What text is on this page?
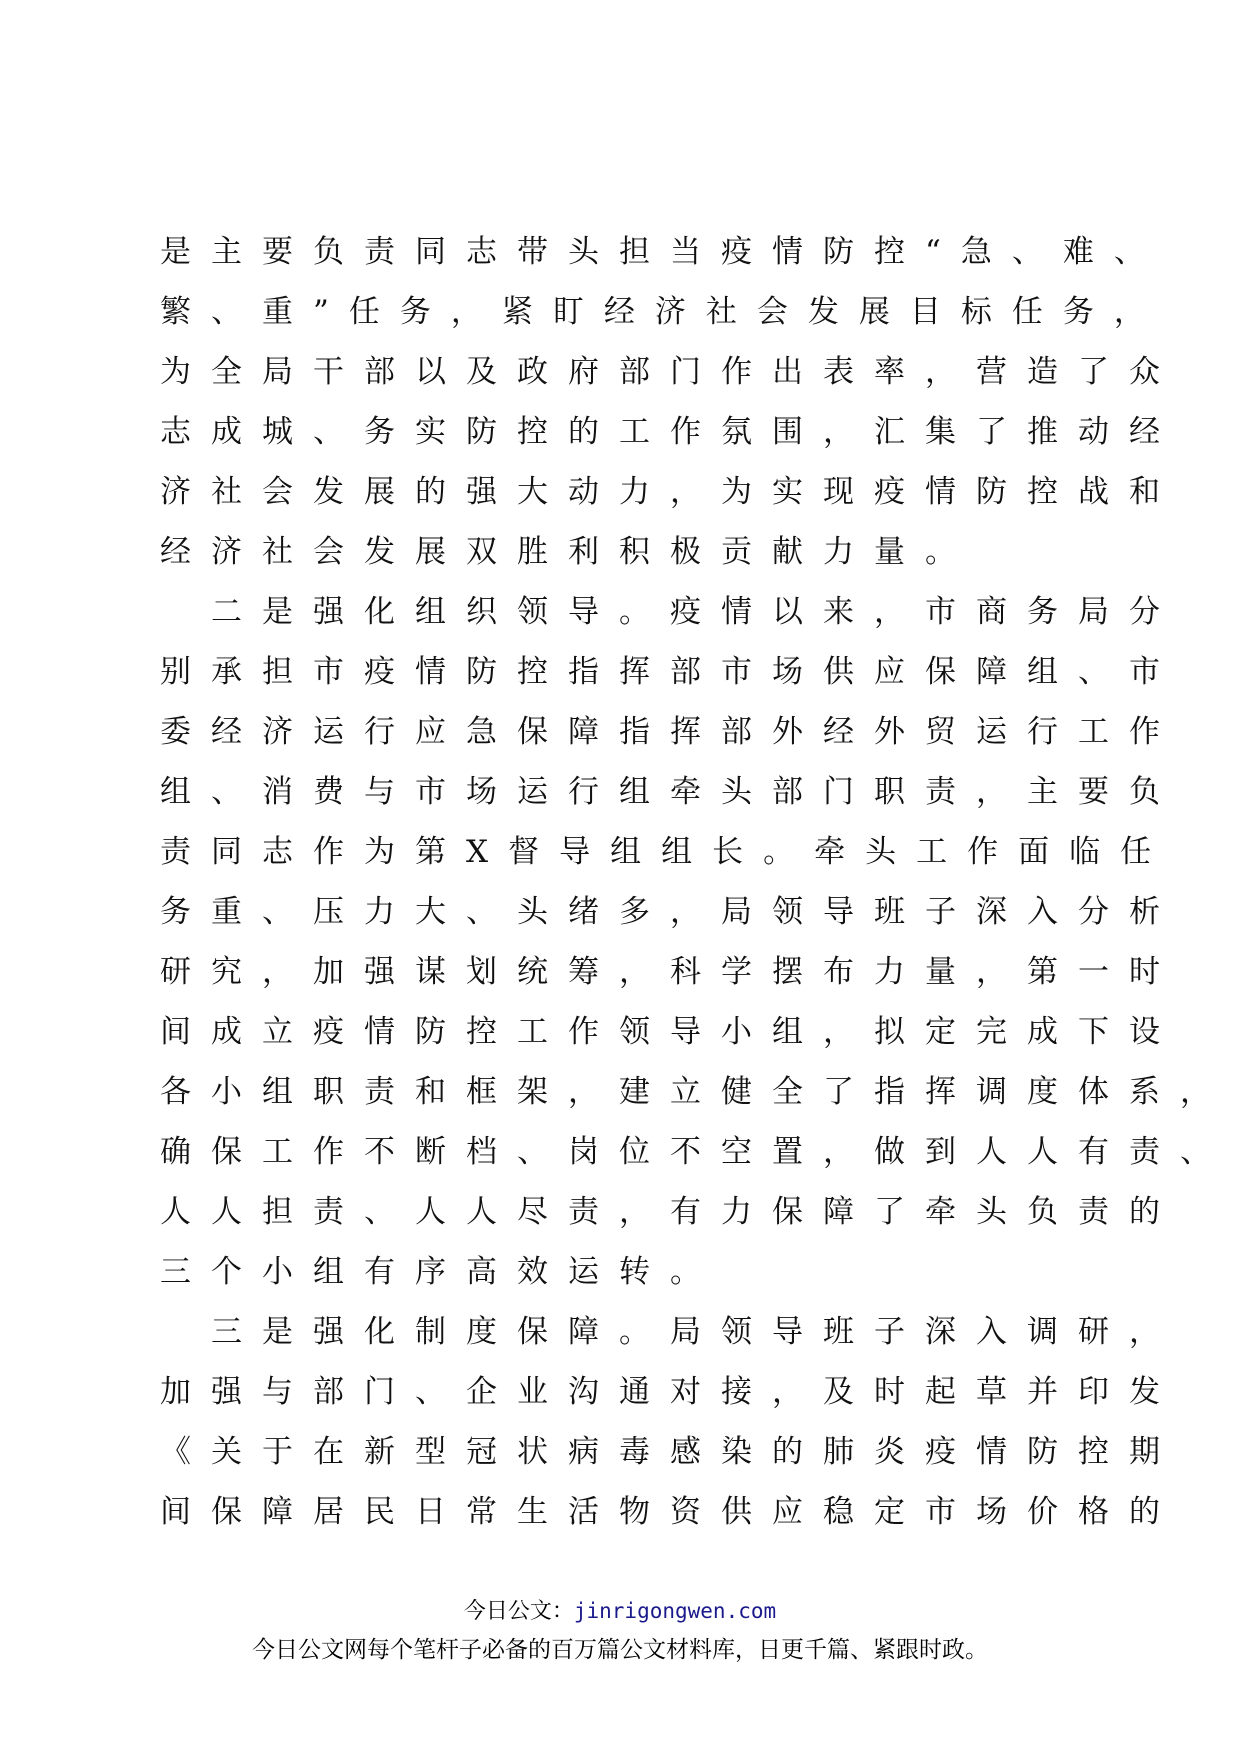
是主要负责同志带头担当疫情防控“急、难、
繁、重”任务，紧盯经济社会发展目标任务，
为全局干部以及政府部门作出表率，营造了众
志成城、务实防控的工作氛围，汇集了推动经
济社会发展的强大动力，为实现疫情防控战和
经济社会发展双胜利积极贡献力量。
　二是强化组织领导。疫情以来，市商务局分
别承担市疫情防控指挥部市场供应保障组、市
委经济运行应急保障指挥部外经外贸运行工作
组、消费与市场运行组牵头部门职责，主要负
责同志作为第X督导组组长。牵头工作面临任
务重、压力大、头绪多，局领导班子深入分析
研究，加强谋划统筹，科学摆布力量，第一时
间成立疫情防控工作领导小组，拟定完成下设
各小组职责和框架，建立健全了指挥调度体系，
确保工作不断档、岗位不空置，做到人人有责、
人人担责、人人尽责，有力保障了牵头负责的
三个小组有序高效运转。
　三是强化制度保障。局领导班子深入调研，
加强与部门、企业沟通对接，及时起草并印发
《关于在新型冠状病毒感染的肺炎疫情防控期
间保障居民日常生活物资供应稳定市场价格的
今日公文：jinrigongwen.com
今日公文网每个笔杆子必备的百万篇公文材料库，日更千篇、紧跟时政。
